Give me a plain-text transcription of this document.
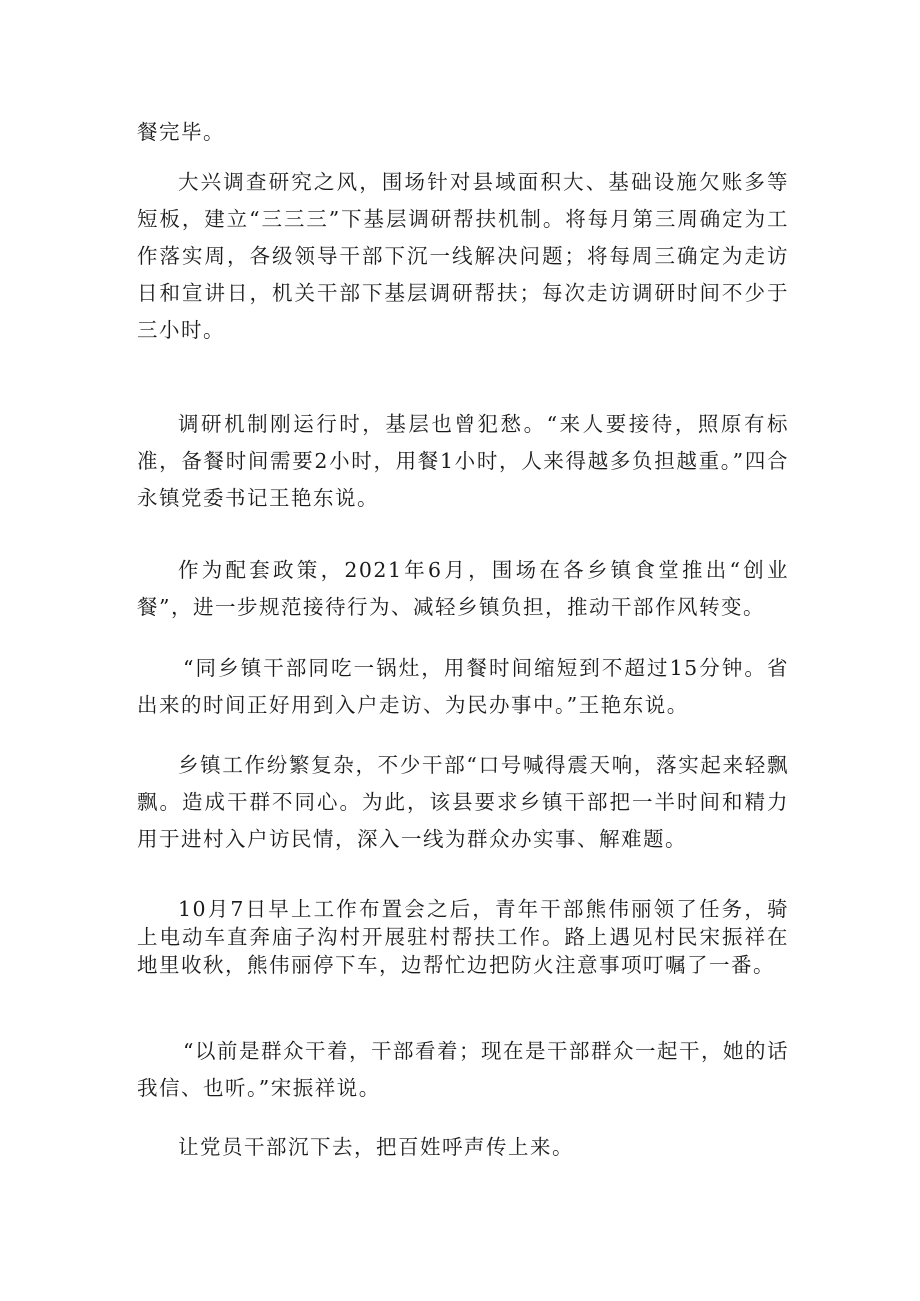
餐完毕。

大兴调查研究之风，围场针对县域面积大、基础设施欠账多等短板，建立“三三三”下基层调研帮扶机制。将每月第三周确定为工作落实周，各级领导干部下沉一线解决问题；将每周三确定为走访日和宣讲日，机关干部下基层调研帮扶；每次走访调研时间不少于三小时。

调研机制刚运行时，基层也曾犯愁。“来人要接待，照原有标准，备餐时间需要2小时，用餐1小时，人来得越多负担越重。”四合永镇党委书记王艳东说。

作为配套政策，2021年6月，围场在各乡镇食堂推出“创业餐”，进一步规范接待行为、减轻乡镇负担，推动干部作风转变。

“同乡镇干部同吃一锅灶，用餐时间缩短到不超过15分钟。省出来的时间正好用到入户走访、为民办事中。”王艳东说。

乡镇工作纷繁复杂，不少干部“口号喊得震天响，落实起来轻飘飘。造成干群不同心。为此，该县要求乡镇干部把一半时间和精力用于进村入户访民情，深入一线为群众办实事、解难题。

10月7日早上工作布置会之后，青年干部熊伟丽领了任务，骑上电动车直奔庙子沟村开展驻村帮扶工作。路上遇见村民宋振祥在地里收秋，熊伟丽停下车，边帮忙边把防火注意事项叮嘱了一番。

“以前是群众干着，干部看着；现在是干部群众一起干，她的话我信、也听。”宋振祥说。

让党员干部沉下去，把百姓呼声传上来。
